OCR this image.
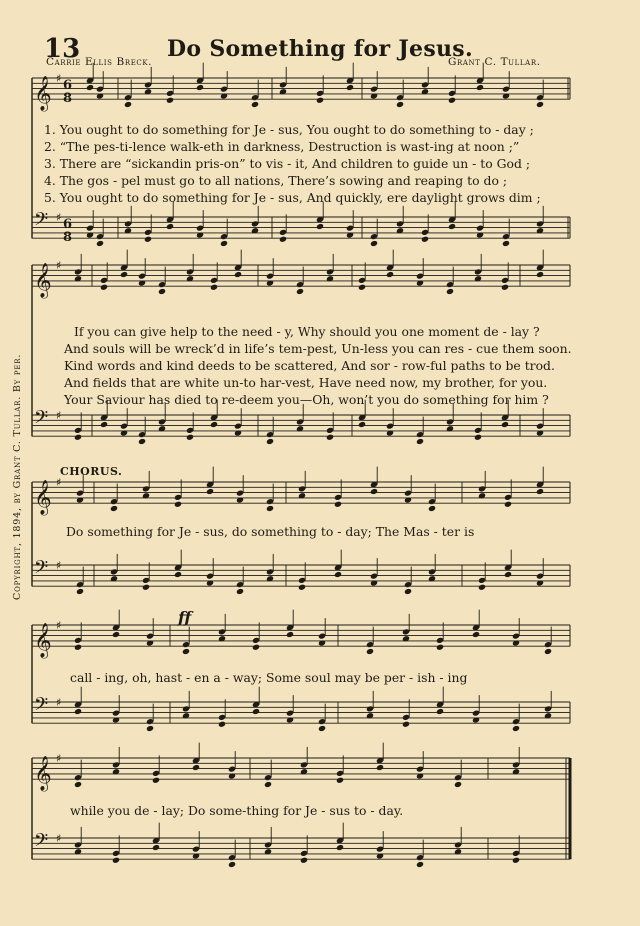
13	Do Something for Jesus.
Carrie Ellis Breck.	Grant C. Tullar.
Copyright, 1894, by Grant C. Tullar. By per.
𝄞 ♯
𝄢 ♯
𝄞 ♯
𝄢 ♯
𝄞 ♯
𝄢 ♯
𝄞 ♯
𝄢 ♯
𝄞 ♯
𝄢 ♯
6
8
6
8
1. You ought to do something for Je - sus, You ought to do something to - day ;
2. “The pes-ti-lence walk-eth in darkness, Destruction is wast-ing at noon ;”
3. There are “sickandin pris-on” to vis - it, And children to guide un - to God ;
4. The gos - pel must go to all nations, There’s sowing and reaping to do ;
5. You ought to do something for Je - sus, And quickly, ere daylight grows dim ;
If you can give help to the need - y, Why should you one moment de - lay ?
And souls will be wreck’d in life’s tem-pest, Un-less you can res - cue them soon.
Kind words and kind deeds to be scattered, And sor - row-ful paths to be trod.
And fields that are white un-to har-vest, Have need now, my brother, for you.
Your Saviour has died to re-deem you—Oh, won’t you do something for him ?
CHORUS.
Do something for Je - sus, do something to - day; The Mas - ter is
ff
call - ing, oh, hast - en a - way; Some soul may be per - ish - ing
while you de - lay; Do some-thing for Je - sus to - day.
